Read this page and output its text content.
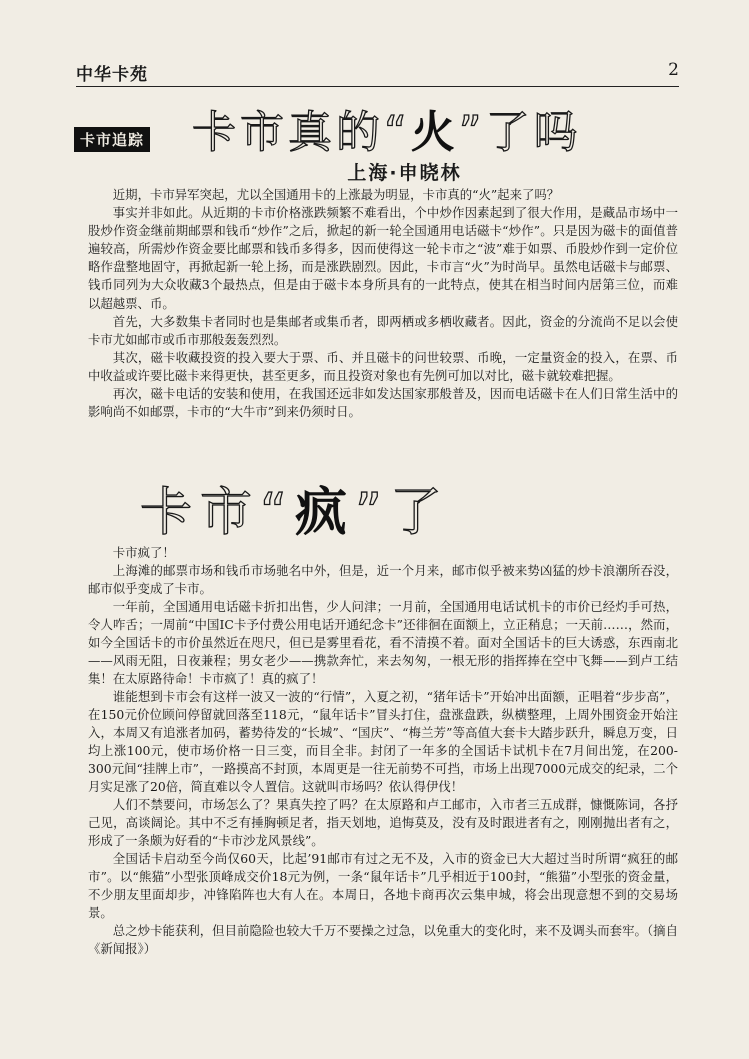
中华卡苑	2
卡市追踪 卡市真的“火”了吗
上海·申晓林

近期，卡市异军突起，尤以全国通用卡的上涨最为明显，卡市真的“火”起来了吗？

事实并非如此。从近期的卡市价格涨跌频繁不难看出，个中炒作因素起到了很大作用，是藏品市场中一股炒作资金继前期邮票和钱币“炒作”之后，掀起的新一轮全国通用电话磁卡“炒作”。只是因为磁卡的面值普遍较高，所需炒作资金要比邮票和钱币多得多，因而使得这一轮卡市之“波”难于如票、币股炒作到一定价位略作盘整地固守，再掀起新一轮上扬，而是涨跌剧烈。因此，卡市言“火”为时尚早。虽然电话磁卡与邮票、钱币同列为大众收藏3个最热点，但是由于磁卡本身所具有的一此特点，使其在相当时间内居第三位，而难以超越票、币。

首先，大多数集卡者同时也是集邮者或集币者，即两栖或多栖收藏者。因此，资金的分流尚不足以会使卡市尤如邮市或币市那般轰轰烈烈。

其次，磁卡收藏投资的投入要大于票、币、并且磁卡的问世较票、币晚，一定量资金的投入，在票、币中收益或许要比磁卡来得更快，甚至更多，而且投资对象也有先例可加以对比，磁卡就较难把握。

再次，磁卡电话的安装和使用，在我国还远非如发达国家那般普及，因而电话磁卡在人们日常生活中的影响尚不如邮票，卡市的“大牛市”到来仍须时日。

卡市“疯”了

卡市疯了！

上海滩的邮票市场和钱币市场驰名中外，但是，近一个月来，邮市似乎被来势凶猛的炒卡浪潮所吞没，邮市似乎变成了卡市。

一年前，全国通用电话磁卡折扣出售，少人问津；一月前，全国通用电话试机卡的市价已经灼手可热，令人咋舌；一周前“中国IC卡予付费公用电话开通纪念卡”还徘徊在面额上，立正稍息；一天前……，然而，如今全国话卡的市价虽然近在咫尺，但已是雾里看花，看不清摸不着。面对全国话卡的巨大诱惑，东西南北——风雨无阻，日夜兼程；男女老少——携款奔忙，来去匆匆，一根无形的指挥捧在空中飞舞——到卢工结集！在太原路待命！卡市疯了！真的疯了！

谁能想到卡市会有这样一波又一波的“行情”，入夏之初，“猪年话卡”开始冲出面额，正唱着“步步高”，在150元价位顾问停留就回落至118元，“鼠年话卡”冒头打住，盘涨盘跌，纵横整理，上周外围资金开始注入，本周又有追涨者加码，蓄势待发的“长城”、“国庆”、“梅兰芳”等高值大套卡大踏步跃升，瞬息万变，日均上涨100元，使市场价格一日三变，而目全非。封闭了一年多的全国话卡试机卡在7月间出笼，在200-300元间“挂牌上市”，一路摸高不封顶，本周更是一往无前势不可挡，市场上出现7000元成交的纪录，二个月实足涨了20倍，简直难以令人置信。这就叫市场吗？依认得伊伐！

人们不禁要问，市场怎么了？果真失控了吗？在太原路和卢工邮市，入市者三五成群，慷慨陈词，各抒己见，高谈阔论。其中不乏有捶胸顿足者，指天划地，追悔莫及，没有及时跟进者有之，刚刚抛出者有之，形成了一条颇为好看的“卡市沙龙风景线”。

全国话卡启动至今尚仅60天，比起’91邮市有过之无不及，入市的资金已大大超过当时所谓“疯狂的邮市”。以“熊猫”小型张顶峰成交价18元为例，一条“鼠年话卡”几乎相近于100封，“熊猫”小型张的资金量，不少朋友里面却步，冲锋陷阵也大有人在。本周日，各地卡商再次云集申城，将会出现意想不到的交易场景。

总之炒卡能获利，但目前隐险也较大千万不要操之过急，以免重大的变化时，来不及调头而套牢。（摘自《新闻报》）
